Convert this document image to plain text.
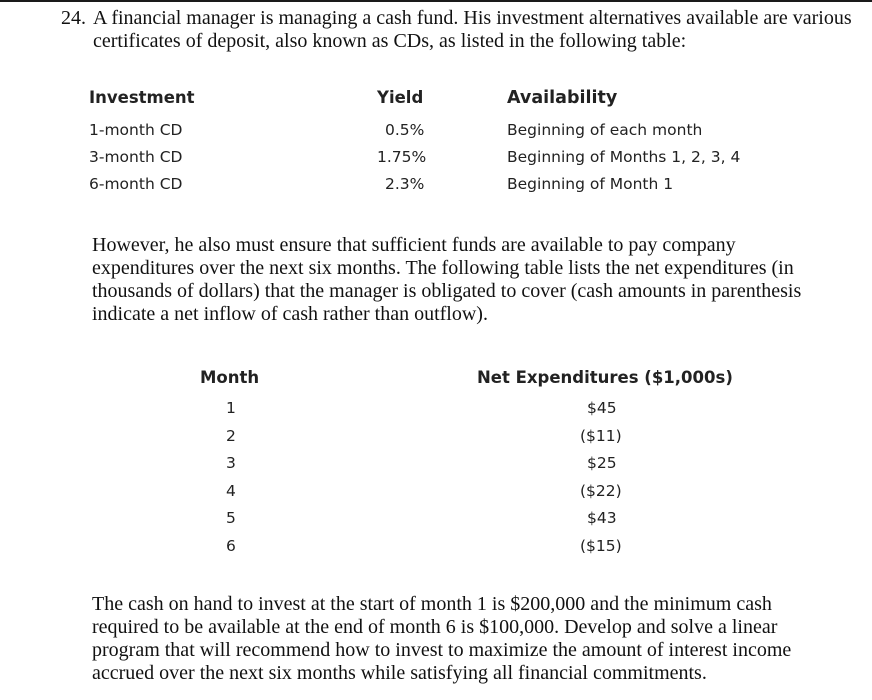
24. A financial manager is managing a cash fund. His investment alternatives available are various certificates of deposit, also known as CDs, as listed in the following table:
Investment	Yield	Availability
1-month CD	0.5%	Beginning of each month
3-month CD	1.75%	Beginning of Months 1, 2, 3, 4
6-month CD	2.3%	Beginning of Month 1
However, he also must ensure that sufficient funds are available to pay company expenditures over the next six months. The following table lists the net expenditures (in thousands of dollars) that the manager is obligated to cover (cash amounts in parenthesis indicate a net inflow of cash rather than outflow).
Month	Net Expenditures ($1,000s)
1	$45
2	($11)
3	$25
4	($22)
5	$43
6	($15)
The cash on hand to invest at the start of month 1 is $200,000 and the minimum cash required to be available at the end of month 6 is $100,000. Develop and solve a linear program that will recommend how to invest to maximize the amount of interest income accrued over the next six months while satisfying all financial commitments.
